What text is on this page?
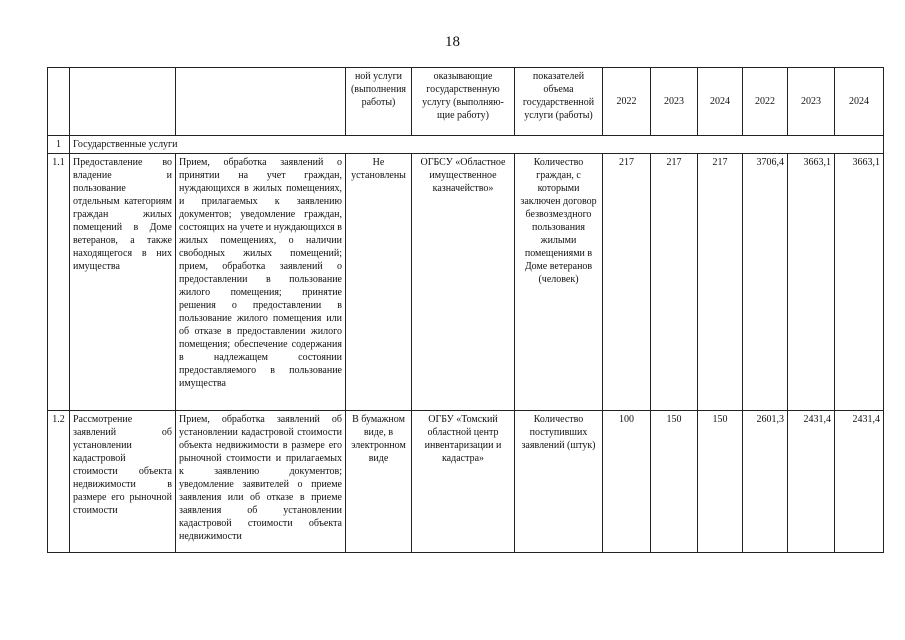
18
			ной услуги (выполнения работы)	оказывающие государственную услугу (выполняю-щие работу)	показателей объема государственной услуги (работы)	2022	2023	2024	2022	2023	2024
1	Государственные услуги										
1.1	Предоставление во владение и пользование отдельным категориям граждан жилых помещений в Доме ветеранов, а также находящегося в них имущества	Прием, обработка заявлений о принятии на учет граждан, нуждающихся в жилых помещениях, и прилагаемых к заявлению документов; уведомление граждан, состоящих на учете и нуждающихся в жилых помещениях, о наличии свободных жилых помещений; прием, обработка заявлений о предоставлении в пользование жилого помещения; принятие решения о предоставлении в пользование жилого помещения или об отказе в предоставлении жилого помещения; обеспечение содержания в надлежащем состоянии предоставляемого в пользование имущества	Не установлены	ОГБСУ «Областное имущественное казначейство»	Количество граждан, с которыми заключен договор безвозмездного пользования жилыми помещениями в Доме ветеранов (человек)	217	217	217	3706,4	3663,1	3663,1
1.2	Рассмотрение заявлений об установлении кадастровой стоимости объекта недвижимости в размере его рыночной стоимости	Прием, обработка заявлений об установлении кадастровой стоимости объекта недвижимости в размере его рыночной стоимости и прилагаемых к заявлению документов; уведомление заявителей о приеме заявления или об отказе в приеме заявления об установлении кадастровой стоимости объекта недвижимости	В бумажном виде, в электронном виде	ОГБУ «Томский областной центр инвентаризации и кадастра»	Количество поступивших заявлений (штук)	100	150	150	2601,3	2431,4	2431,4
